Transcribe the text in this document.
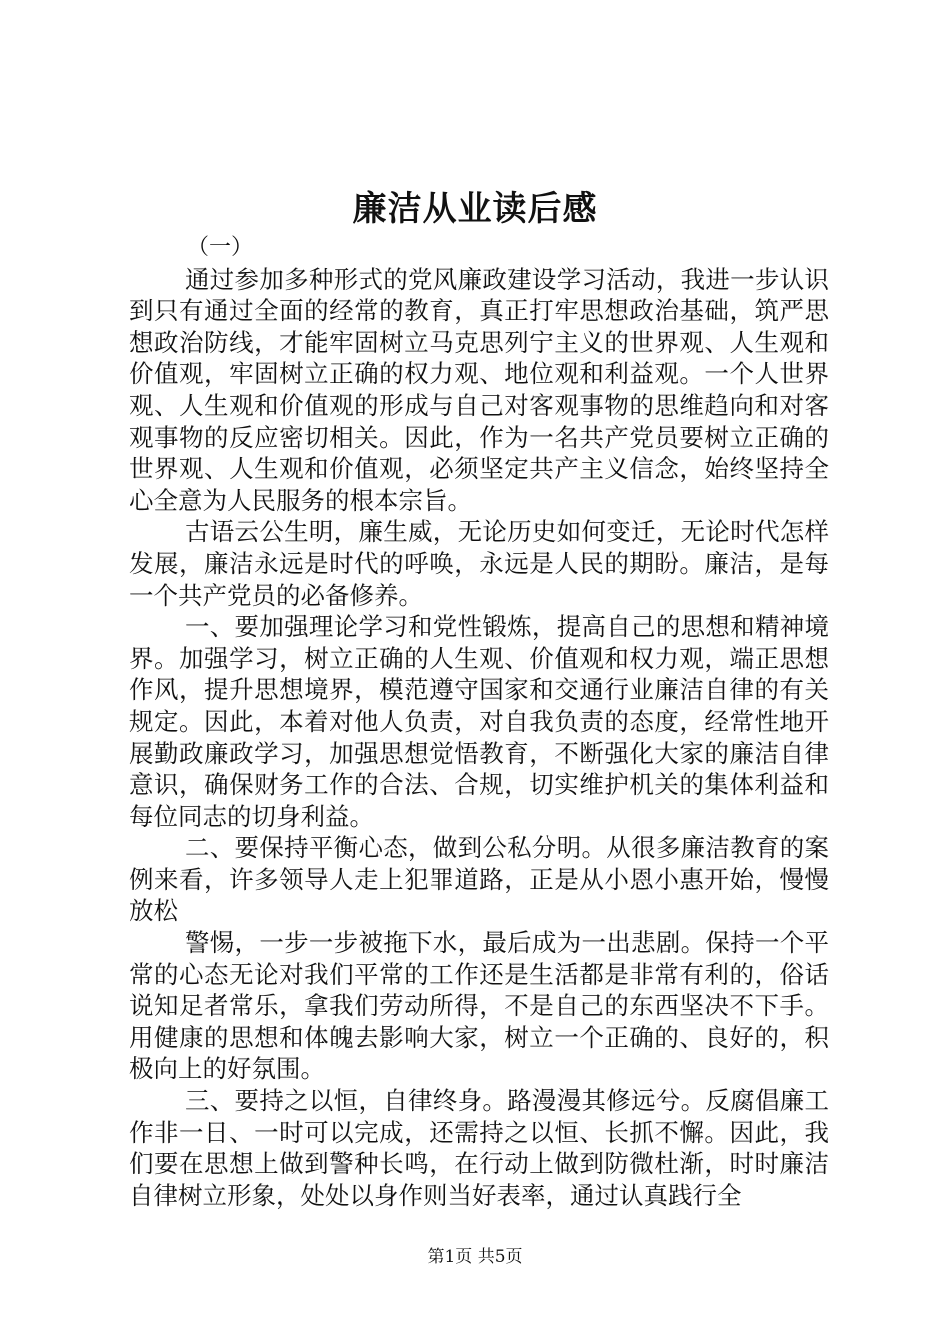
廉洁从业读后感

（一）

通过参加多种形式的党风廉政建设学习活动，我进一步认识到只有通过全面的经常的教育，真正打牢思想政治基础，筑严思想政治防线，才能牢固树立马克思列宁主义的世界观、人生观和价值观，牢固树立正确的权力观、地位观和利益观。一个人世界观、人生观和价值观的形成与自己对客观事物的思维趋向和对客观事物的反应密切相关。因此，作为一名共产党员要树立正确的世界观、人生观和价值观，必须坚定共产主义信念，始终坚持全心全意为人民服务的根本宗旨。

古语云公生明，廉生威，无论历史如何变迁，无论时代怎样发展，廉洁永远是时代的呼唤，永远是人民的期盼。廉洁，是每一个共产党员的必备修养。

一、要加强理论学习和党性锻炼，提高自己的思想和精神境界。加强学习，树立正确的人生观、价值观和权力观，端正思想作风，提升思想境界，模范遵守国家和交通行业廉洁自律的有关规定。因此，本着对他人负责，对自我负责的态度，经常性地开展勤政廉政学习，加强思想觉悟教育，不断强化大家的廉洁自律意识，确保财务工作的合法、合规，切实维护机关的集体利益和每位同志的切身利益。

二、要保持平衡心态，做到公私分明。从很多廉洁教育的案例来看，许多领导人走上犯罪道路，正是从小恩小惠开始，慢慢放松

警惕，一步一步被拖下水，最后成为一出悲剧。保持一个平常的心态无论对我们平常的工作还是生活都是非常有利的，俗话说知足者常乐，拿我们劳动所得，不是自己的东西坚决不下手。用健康的思想和体魄去影响大家，树立一个正确的、良好的，积极向上的好氛围。

三、要持之以恒，自律终身。路漫漫其修远兮。反腐倡廉工作非一日、一时可以完成，还需持之以恒、长抓不懈。因此，我们要在思想上做到警种长鸣，在行动上做到防微杜渐，时时廉洁自律树立形象，处处以身作则当好表率，通过认真践行全

第1页 共5页
